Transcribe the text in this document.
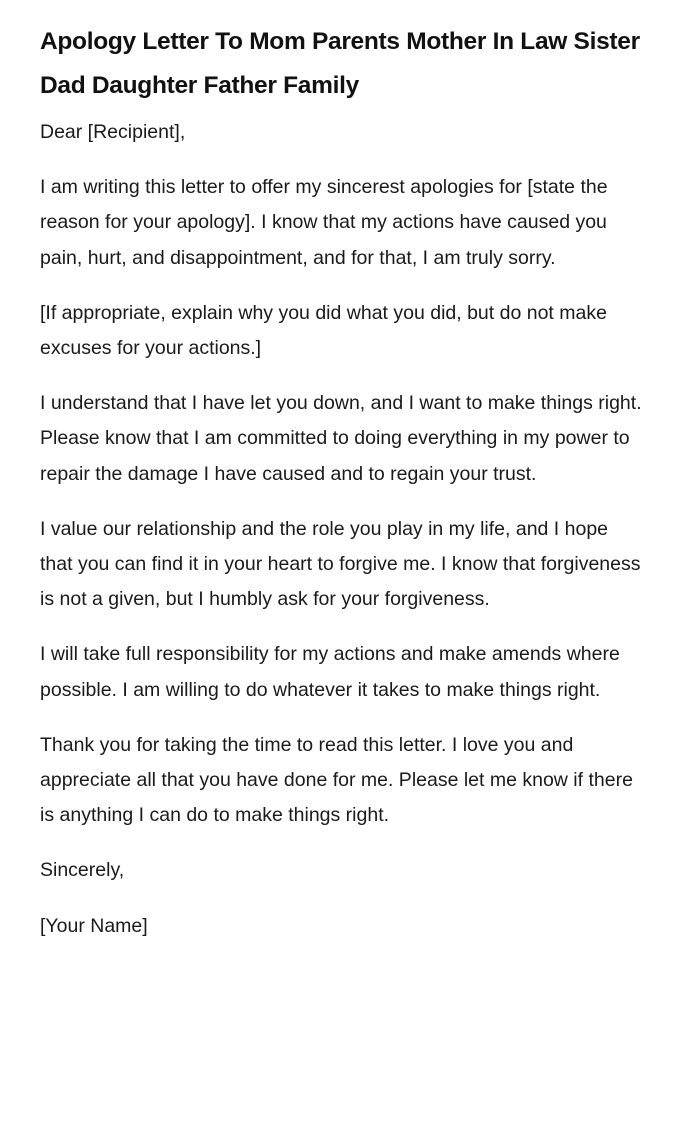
Apology Letter To Mom Parents Mother In Law Sister Dad Daughter Father Family

Dear [Recipient],

I am writing this letter to offer my sincerest apologies for [state the reason for your apology]. I know that my actions have caused you pain, hurt, and disappointment, and for that, I am truly sorry.

[If appropriate, explain why you did what you did, but do not make excuses for your actions.]

I understand that I have let you down, and I want to make things right. Please know that I am committed to doing everything in my power to repair the damage I have caused and to regain your trust.

I value our relationship and the role you play in my life, and I hope that you can find it in your heart to forgive me. I know that forgiveness is not a given, but I humbly ask for your forgiveness.

I will take full responsibility for my actions and make amends where possible. I am willing to do whatever it takes to make things right.

Thank you for taking the time to read this letter. I love you and appreciate all that you have done for me. Please let me know if there is anything I can do to make things right.

Sincerely,

[Your Name]
